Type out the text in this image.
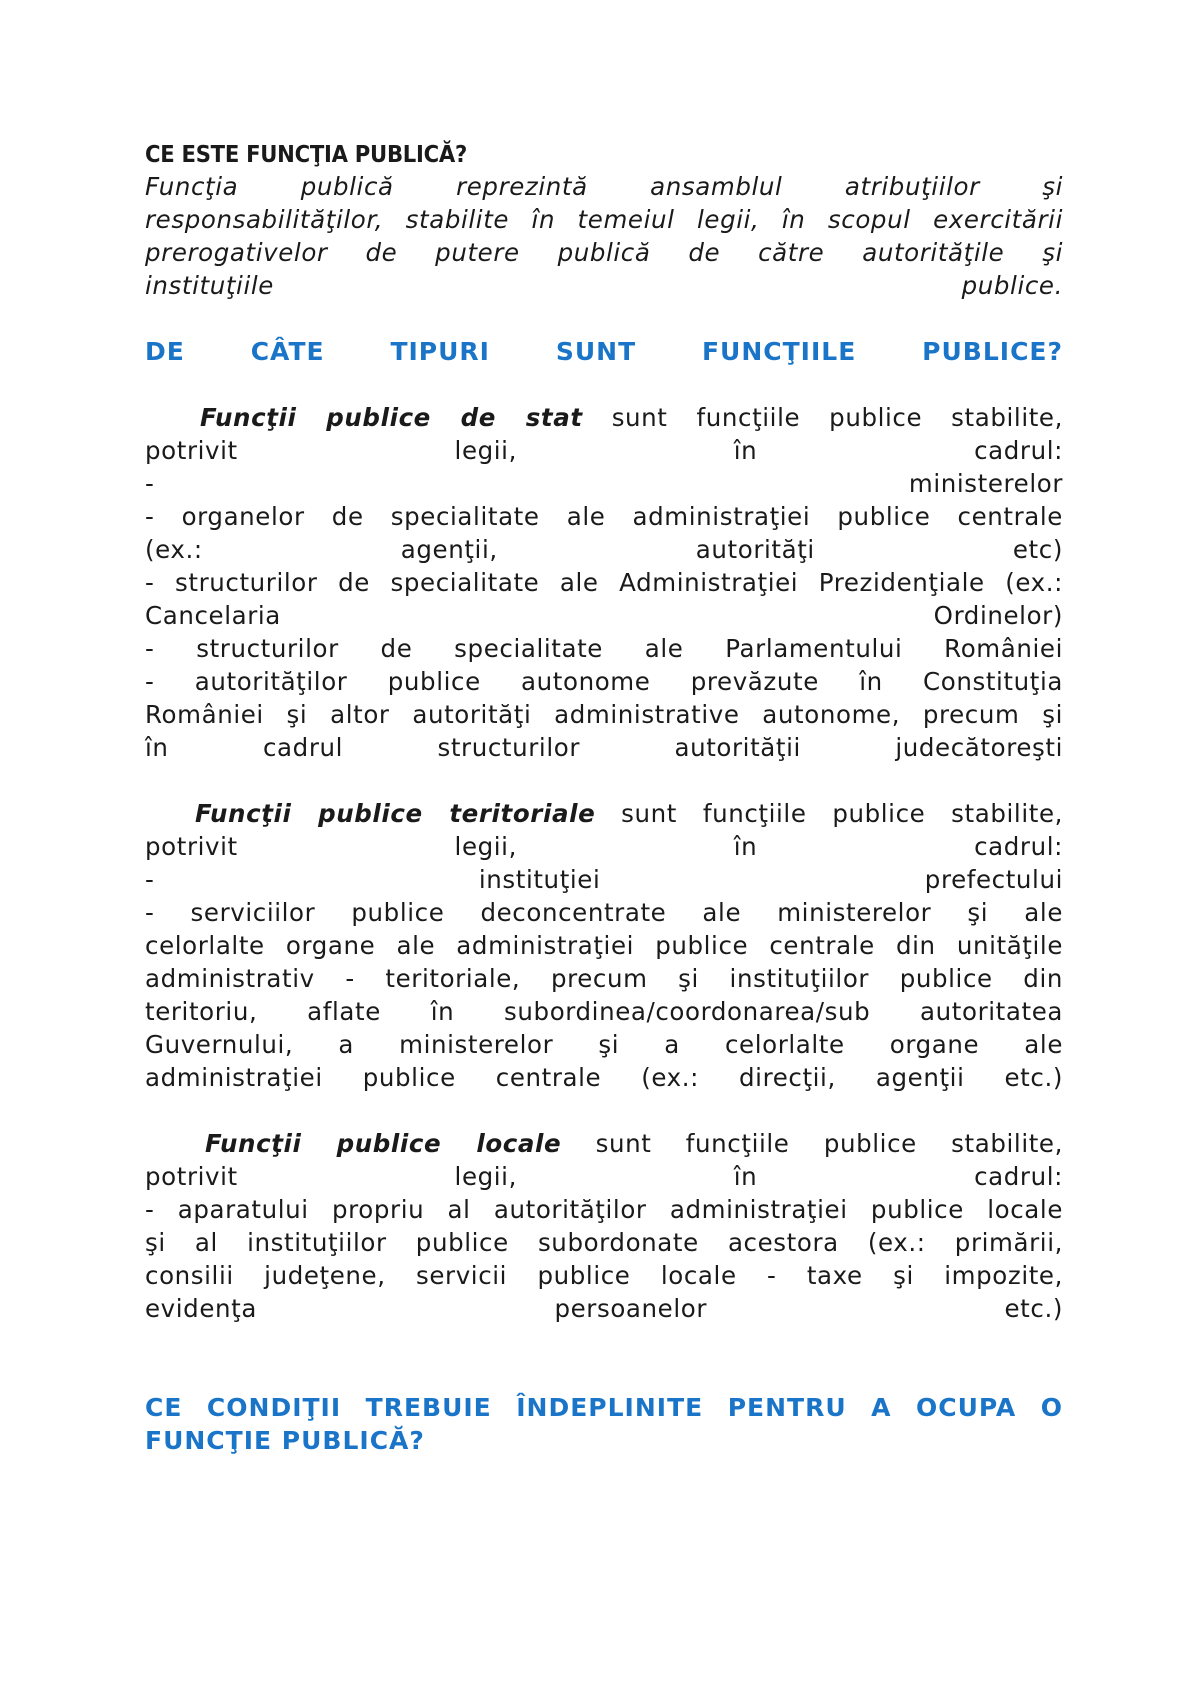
CE ESTE FUNCŢIA PUBLICĂ?
Funcţia publică reprezintă ansamblul atribuţiilor şi
responsabilităţilor, stabilite în temeiul legii, în scopul exercitării
prerogativelor de putere publică de către autorităţile şi
instituţiile publice.
DE CÂTE TIPURI SUNT FUNCŢIILE PUBLICE?
Funcţii publice de stat sunt funcţiile publice stabilite,
potrivit legii, în cadrul:
-	ministerelor
- organelor de specialitate ale administraţiei publice centrale
(ex.: agenţii, autorităţi etc)
- structurilor de specialitate ale Administraţiei Prezidenţiale (ex.:
Cancelaria Ordinelor)
- structurilor de specialitate ale Parlamentului României
- autorităţilor publice autonome prevăzute în Constituţia
României şi altor autorităţi administrative autonome, precum şi
în cadrul structurilor autorităţii judecătoreşti
Funcţii publice teritoriale sunt funcţiile publice stabilite,
potrivit legii, în cadrul:
- instituţiei prefectului
- serviciilor publice deconcentrate ale ministerelor şi ale
celorlalte organe ale administraţiei publice centrale din unităţile
administrativ - teritoriale, precum şi instituţiilor publice din
teritoriu, aflate în subordinea/coordonarea/sub autoritatea
Guvernului, a ministerelor şi a celorlalte organe ale
administraţiei publice centrale (ex.: direcţii, agenţii etc.)
Funcţii publice locale sunt funcţiile publice stabilite,
potrivit legii, în cadrul:
- aparatului propriu al autorităţilor administraţiei publice locale
şi al instituţiilor publice subordonate acestora (ex.: primării,
consilii judeţene, servicii publice locale - taxe şi impozite,
evidenţa persoanelor etc.)
CE CONDIŢII TREBUIE ÎNDEPLINITE PENTRU A OCUPA O
FUNCŢIE PUBLICĂ?
